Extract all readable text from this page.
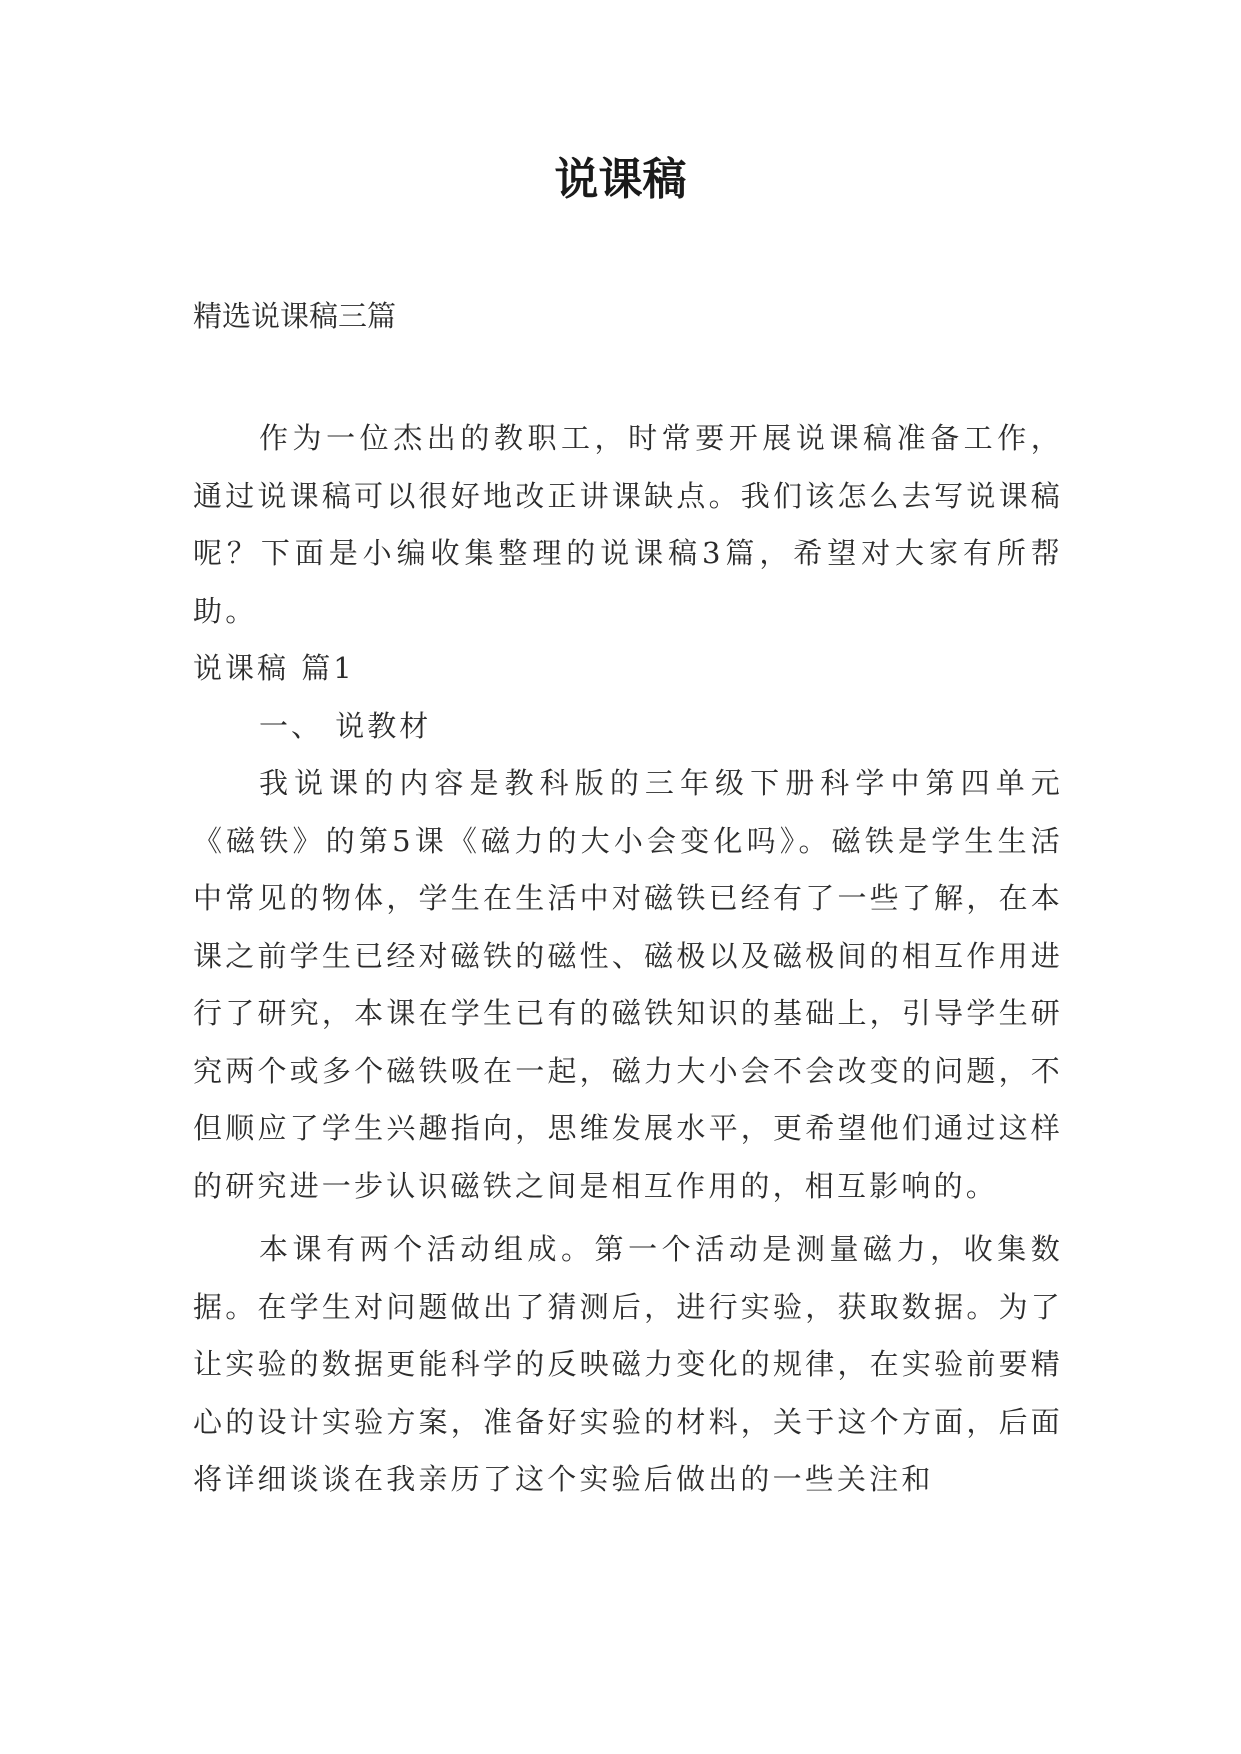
说课稿

精选说课稿三篇

作为一位杰出的教职工，时常要开展说课稿准备工作，通过说课稿可以很好地改正讲课缺点。我们该怎么去写说课稿呢？下面是小编收集整理的说课稿3篇，希望对大家有所帮助。

说课稿 篇1

一、 说教材

我说课的内容是教科版的三年级下册科学中第四单元《磁铁》的第5课《磁力的大小会变化吗》。磁铁是学生生活中常见的物体，学生在生活中对磁铁已经有了一些了解，在本课之前学生已经对磁铁的磁性、磁极以及磁极间的相互作用进行了研究，本课在学生已有的磁铁知识的基础上，引导学生研究两个或多个磁铁吸在一起，磁力大小会不会改变的问题，不但顺应了学生兴趣指向，思维发展水平，更希望他们通过这样的研究进一步认识磁铁之间是相互作用的，相互影响的。

本课有两个活动组成。第一个活动是测量磁力，收集数据。在学生对问题做出了猜测后，进行实验，获取数据。为了让实验的数据更能科学的反映磁力变化的规律，在实验前要精心的设计实验方案，准备好实验的材料，关于这个方面，后面将详细谈谈在我亲历了这个实验后做出的一些关注和
